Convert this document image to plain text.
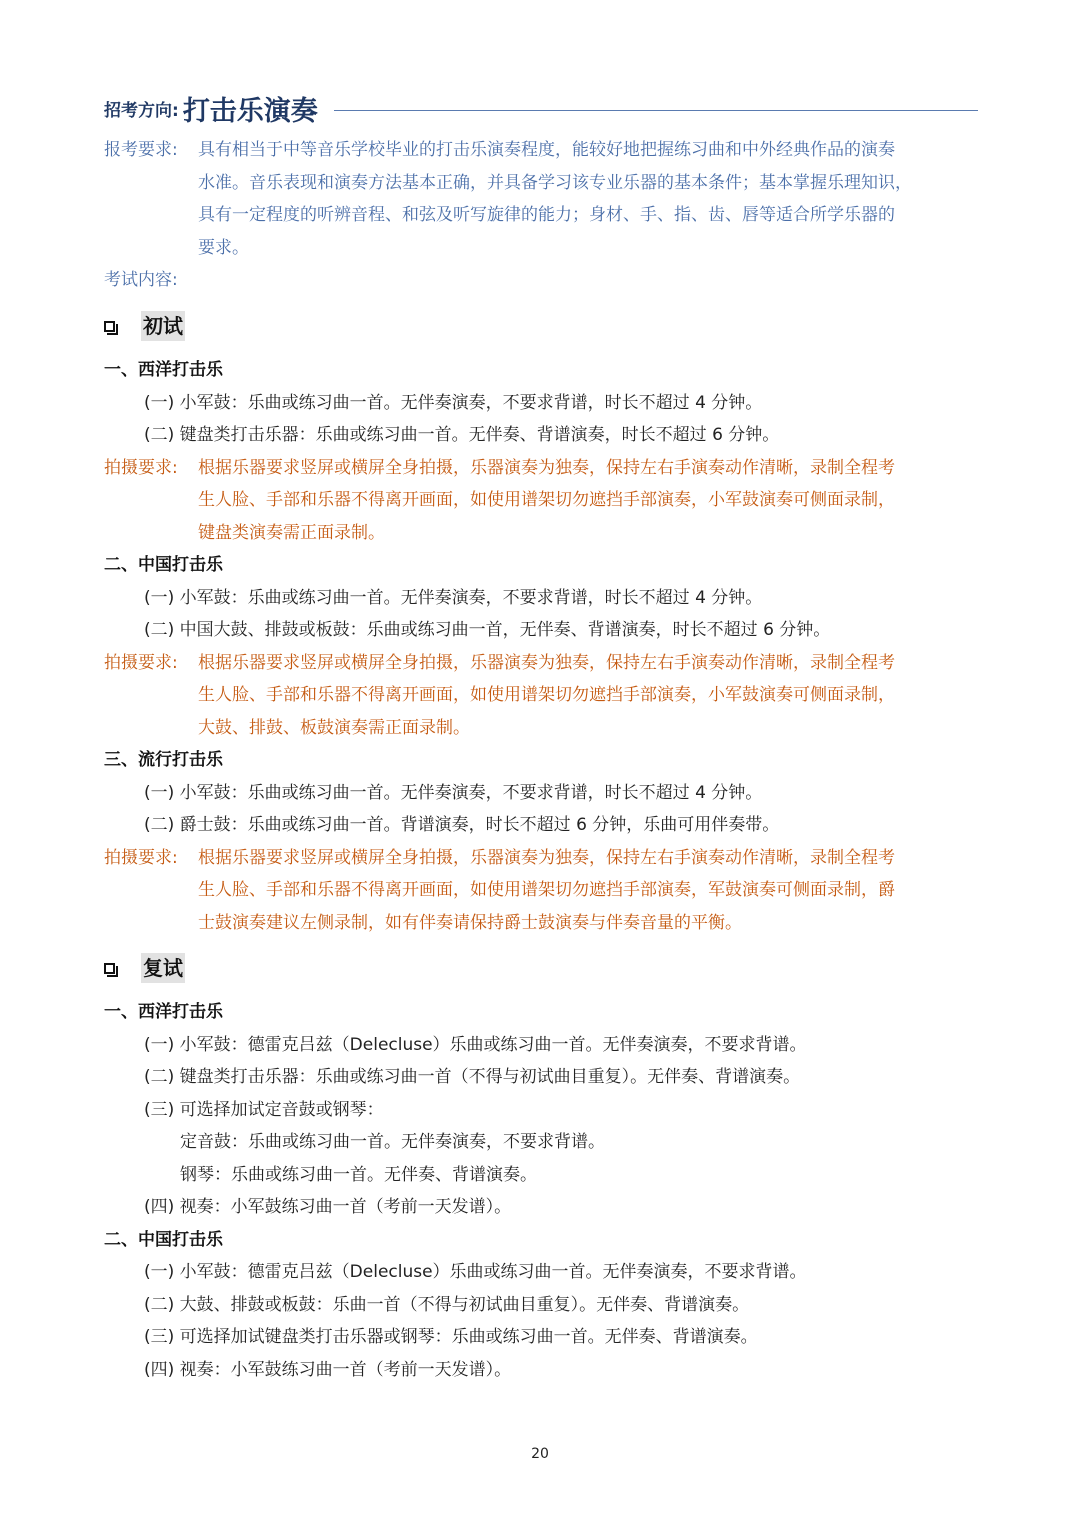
招考方向: 打击乐演奏
报考要求: 具有相当于中等音乐学校毕业的打击乐演奏程度，能较好地把握练习曲和中外经典作品的演奏
水准。音乐表现和演奏方法基本正确，并具备学习该专业乐器的基本条件；基本掌握乐理知识，
具有一定程度的听辨音程、和弦及听写旋律的能力；身材、手、指、齿、唇等适合所学乐器的
要求。
考试内容:
初试
一、西洋打击乐
(一) 小军鼓：乐曲或练习曲一首。无伴奏演奏，不要求背谱，时长不超过 4 分钟。
(二) 键盘类打击乐器：乐曲或练习曲一首。无伴奏、背谱演奏，时长不超过 6 分钟。
拍摄要求: 根据乐器要求竖屏或横屏全身拍摄，乐器演奏为独奏，保持左右手演奏动作清晰，录制全程考
生人脸、手部和乐器不得离开画面，如使用谱架切勿遮挡手部演奏，小军鼓演奏可侧面录制，
键盘类演奏需正面录制。
二、中国打击乐
(一) 小军鼓：乐曲或练习曲一首。无伴奏演奏，不要求背谱，时长不超过 4 分钟。
(二) 中国大鼓、排鼓或板鼓：乐曲或练习曲一首，无伴奏、背谱演奏，时长不超过 6 分钟。
拍摄要求: 根据乐器要求竖屏或横屏全身拍摄，乐器演奏为独奏，保持左右手演奏动作清晰，录制全程考
生人脸、手部和乐器不得离开画面，如使用谱架切勿遮挡手部演奏，小军鼓演奏可侧面录制，
大鼓、排鼓、板鼓演奏需正面录制。
三、流行打击乐
(一) 小军鼓：乐曲或练习曲一首。无伴奏演奏，不要求背谱，时长不超过 4 分钟。
(二) 爵士鼓：乐曲或练习曲一首。背谱演奏，时长不超过 6 分钟，乐曲可用伴奏带。
拍摄要求: 根据乐器要求竖屏或横屏全身拍摄，乐器演奏为独奏，保持左右手演奏动作清晰，录制全程考
生人脸、手部和乐器不得离开画面，如使用谱架切勿遮挡手部演奏，军鼓演奏可侧面录制，爵
士鼓演奏建议左侧录制，如有伴奏请保持爵士鼓演奏与伴奏音量的平衡。
复试
一、西洋打击乐
(一) 小军鼓：德雷克吕兹（Delecluse）乐曲或练习曲一首。无伴奏演奏，不要求背谱。
(二) 键盘类打击乐器：乐曲或练习曲一首（不得与初试曲目重复）。无伴奏、背谱演奏。
(三) 可选择加试定音鼓或钢琴：
定音鼓：乐曲或练习曲一首。无伴奏演奏，不要求背谱。
钢琴：乐曲或练习曲一首。无伴奏、背谱演奏。
(四) 视奏：小军鼓练习曲一首（考前一天发谱）。
二、中国打击乐
(一) 小军鼓：德雷克吕兹（Delecluse）乐曲或练习曲一首。无伴奏演奏，不要求背谱。
(二) 大鼓、排鼓或板鼓：乐曲一首（不得与初试曲目重复）。无伴奏、背谱演奏。
(三) 可选择加试键盘类打击乐器或钢琴：乐曲或练习曲一首。无伴奏、背谱演奏。
(四) 视奏：小军鼓练习曲一首（考前一天发谱）。
20
